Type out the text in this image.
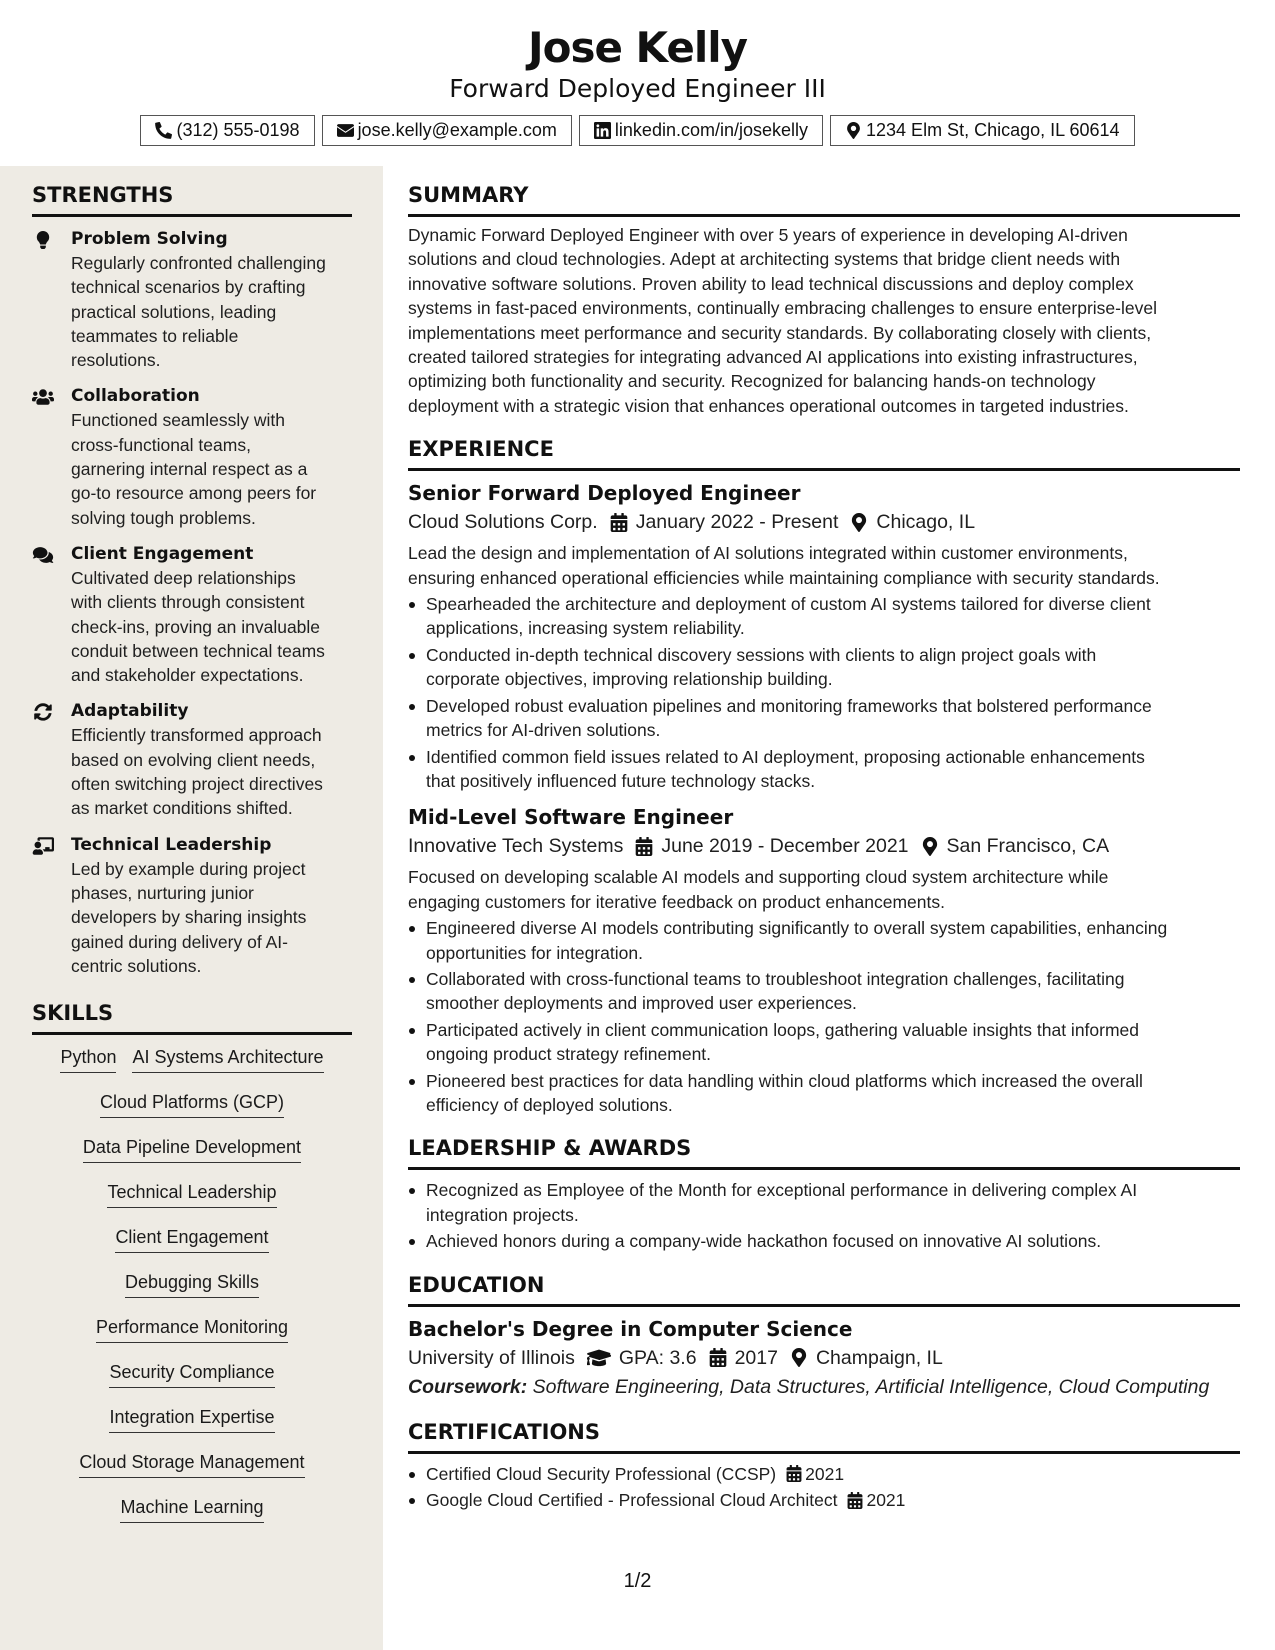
Jose Kelly
Forward Deployed Engineer III
(312) 555-0198	jose.kelly@example.com	linkedin.com/in/josekelly	1234 Elm St, Chicago, IL 60614
STRENGTHS
Problem Solving
Regularly confronted challenging
technical scenarios by crafting
practical solutions, leading
teammates to reliable
resolutions.
Collaboration
Functioned seamlessly with
cross-functional teams,
garnering internal respect as a
go-to resource among peers for
solving tough problems.
Client Engagement
Cultivated deep relationships
with clients through consistent
check-ins, proving an invaluable
conduit between technical teams
and stakeholder expectations.
Adaptability
Efficiently transformed approach
based on evolving client needs,
often switching project directives
as market conditions shifted.
Technical Leadership
Led by example during project
phases, nurturing junior
developers by sharing insights
gained during delivery of AI-
centric solutions.
SKILLS
Python AI Systems Architecture
Cloud Platforms (GCP)
Data Pipeline Development
Technical Leadership
Client Engagement
Debugging Skills
Performance Monitoring
Security Compliance
Integration Expertise
Cloud Storage Management
Machine Learning
SUMMARY
Dynamic Forward Deployed Engineer with over 5 years of experience in developing AI-driven
solutions and cloud technologies. Adept at architecting systems that bridge client needs with
innovative software solutions. Proven ability to lead technical discussions and deploy complex
systems in fast-paced environments, continually embracing challenges to ensure enterprise-level
implementations meet performance and security standards. By collaborating closely with clients,
created tailored strategies for integrating advanced AI applications into existing infrastructures,
optimizing both functionality and security. Recognized for balancing hands-on technology
deployment with a strategic vision that enhances operational outcomes in targeted industries.
EXPERIENCE
Senior Forward Deployed Engineer
Cloud Solutions Corp. January 2022 - Present Chicago, IL
Lead the design and implementation of AI solutions integrated within customer environments,
ensuring enhanced operational efficiencies while maintaining compliance with security standards.
Spearheaded the architecture and deployment of custom AI systems tailored for diverse client
applications, increasing system reliability.
Conducted in-depth technical discovery sessions with clients to align project goals with
corporate objectives, improving relationship building.
Developed robust evaluation pipelines and monitoring frameworks that bolstered performance
metrics for AI-driven solutions.
Identified common field issues related to AI deployment, proposing actionable enhancements
that positively influenced future technology stacks.
Mid-Level Software Engineer
Innovative Tech Systems June 2019 - December 2021 San Francisco, CA
Focused on developing scalable AI models and supporting cloud system architecture while
engaging customers for iterative feedback on product enhancements.
Engineered diverse AI models contributing significantly to overall system capabilities, enhancing
opportunities for integration.
Collaborated with cross-functional teams to troubleshoot integration challenges, facilitating
smoother deployments and improved user experiences.
Participated actively in client communication loops, gathering valuable insights that informed
ongoing product strategy refinement.
Pioneered best practices for data handling within cloud platforms which increased the overall
efficiency of deployed solutions.
LEADERSHIP & AWARDS
Recognized as Employee of the Month for exceptional performance in delivering complex AI
integration projects.
Achieved honors during a company-wide hackathon focused on innovative AI solutions.
EDUCATION
Bachelor's Degree in Computer Science
University of Illinois GPA: 3.6 2017 Champaign, IL
Coursework: Software Engineering, Data Structures, Artificial Intelligence, Cloud Computing
CERTIFICATIONS
Certified Cloud Security Professional (CCSP) 2021
Google Cloud Certified - Professional Cloud Architect 2021
1/2
